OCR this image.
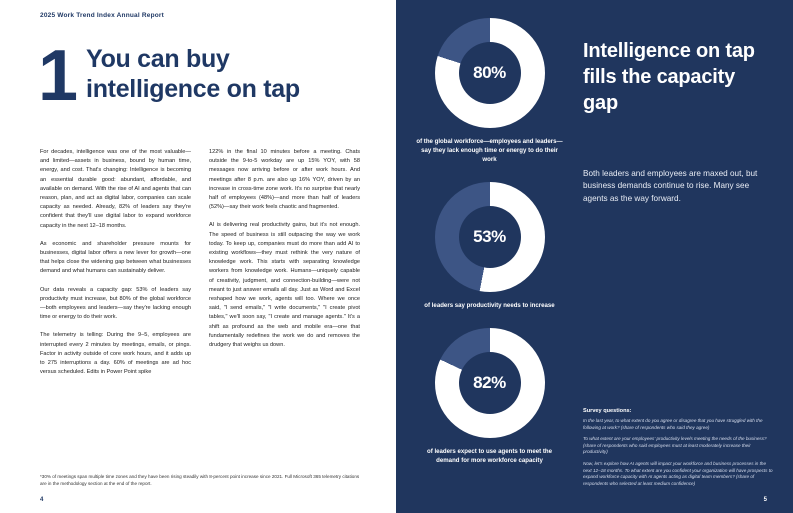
2025 Work Trend Index Annual Report
1 You can buy intelligence on tap

For decades, intelligence was one of the most valuable—and limited—assets in business, bound by human time, energy, and cost. That's changing: Intelligence is becoming an essential durable good: abundant, affordable, and available on demand. With the rise of AI and agents that can reason, plan, and act as digital labor, companies can scale capacity as needed. Already, 82% of leaders say they're confident that they'll use digital labor to expand workforce capacity in the next 12–18 months.

As economic and shareholder pressure mounts for businesses, digital labor offers a new lever for growth—one that helps close the widening gap between what businesses demand and what humans can sustainably deliver.

Our data reveals a capacity gap: 53% of leaders say productivity must increase, but 80% of the global workforce—both employees and leaders—say they're lacking enough time or energy to do their work.

The telemetry is telling: During the 9–5, employees are interrupted every 2 minutes by meetings, emails, or pings. Factor in activity outside of core work hours, and it adds up to 275 interruptions a day. 60% of meetings are ad hoc versus scheduled. Edits in Power Point spike

122% in the final 10 minutes before a meeting. Chats outside the 9-to-5 workday are up 15% YOY, with 58 messages now arriving before or after work hours. And meetings after 8 p.m. are also up 16% YOY, driven by an increase in cross-time zone work. It's no surprise that nearly half of employees (48%)—and more than half of leaders (52%)—say their work feels chaotic and fragmented.

AI is delivering real productivity gains, but it's not enough. The speed of business is still outpacing the way we work today. To keep up, companies must do more than add AI to existing workflows—they must rethink the very nature of knowledge work. This starts with separating knowledge workers from knowledge work. Humans—uniquely capable of creativity, judgment, and connection-building—were not meant to just answer emails all day. Just as Word and Excel reshaped how we work, agents will too. Where we once said, "I send emails," "I write documents," "I create pivot tables," we'll soon say, "I create and manage agents." It's a shift as profound as the web and mobile era—one that fundamentally redefines the work we do and removes the drudgery that weighs us down.

*30% of meetings span multiple time zones and they have been rising steadily with 8-percent point increase since 2021. Full Microsoft 365 telemetry citations are in the methodology section at the end of the report.
4
80%
of the global workforce—employees and leaders—say they lack enough time or energy to do their work
53%
of leaders say productivity needs to increase
82%
of leaders expect to use agents to meet the demand for more workforce capacity
Intelligence on tap fills the capacity gap
Both leaders and employees are maxed out, but business demands continue to rise. Many see agents as the way forward.
Survey questions:

In the last year, to what extent do you agree or disagree that you have struggled with the following at work? (share of respondents who said they agree)

To what extent are your employees' productivity levels meeting the needs of the business? (share of respondents who said employees must at least moderately increase their productivity)

Now, let's explore how AI agents will impact your workforce and business processes in the next 12–18 months. To what extent are you confident your organization will have prospects to expand workforce capacity with AI agents acting as digital team members? (share of respondents who selected at least medium confidence)

5
